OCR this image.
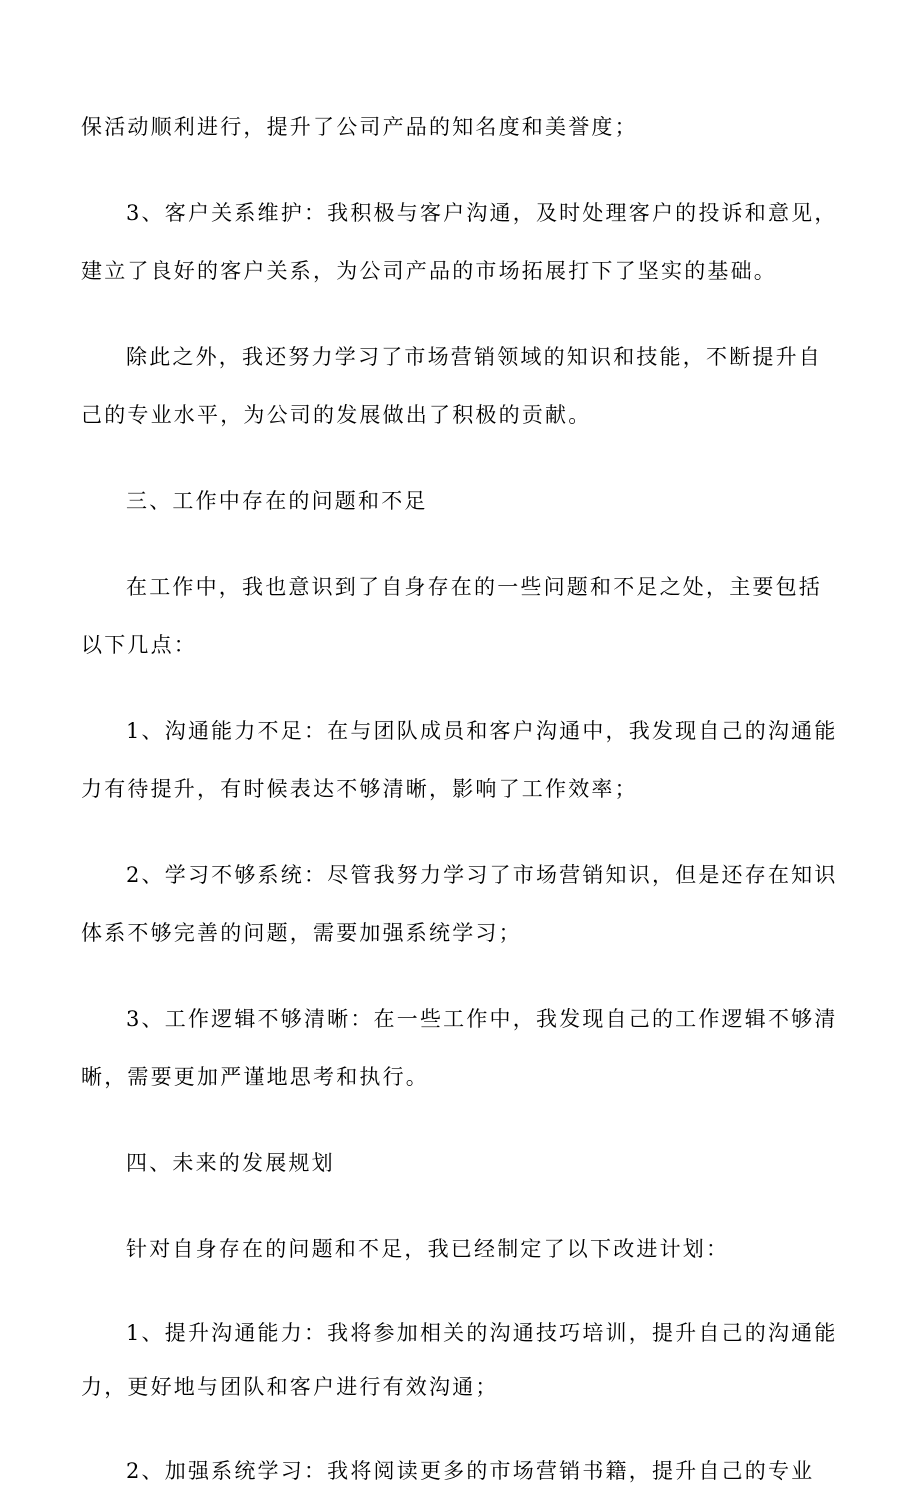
保活动顺利进行，提升了公司产品的知名度和美誉度；

3、客户关系维护：我积极与客户沟通，及时处理客户的投诉和意见，建立了良好的客户关系，为公司产品的市场拓展打下了坚实的基础。

除此之外，我还努力学习了市场营销领域的知识和技能，不断提升自己的专业水平，为公司的发展做出了积极的贡献。

三、工作中存在的问题和不足

在工作中，我也意识到了自身存在的一些问题和不足之处，主要包括以下几点：

1、沟通能力不足：在与团队成员和客户沟通中，我发现自己的沟通能力有待提升，有时候表达不够清晰，影响了工作效率；

2、学习不够系统：尽管我努力学习了市场营销知识，但是还存在知识体系不够完善的问题，需要加强系统学习；

3、工作逻辑不够清晰：在一些工作中，我发现自己的工作逻辑不够清晰，需要更加严谨地思考和执行。

四、未来的发展规划

针对自身存在的问题和不足，我已经制定了以下改进计划：

1、提升沟通能力：我将参加相关的沟通技巧培训，提升自己的沟通能力，更好地与团队和客户进行有效沟通；

2、加强系统学习：我将阅读更多的市场营销书籍，提升自己的专业
